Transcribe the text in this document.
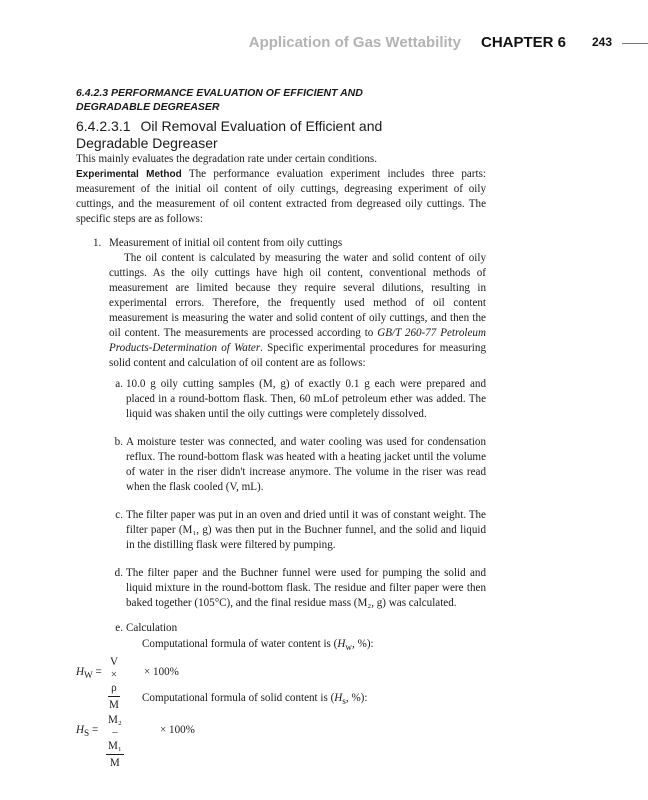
Application of Gas Wettability CHAPTER 6 243
6.4.2.3 PERFORMANCE EVALUATION OF EFFICIENT AND DEGRADABLE DEGREASER
6.4.2.3.1 Oil Removal Evaluation of Efficient and Degradable Degreaser
This mainly evaluates the degradation rate under certain conditions.
Experimental Method The performance evaluation experiment includes three parts: measurement of the initial oil content of oily cuttings, degreasing experiment of oily cuttings, and the measurement of oil content extracted from degreased oily cuttings. The specific steps are as follows:
1. Measurement of initial oil content from oily cuttings
The oil content is calculated by measuring the water and solid content of oily cuttings. As the oily cuttings have high oil content, conventional methods of measurement are limited because they require several dilutions, resulting in experimental errors. Therefore, the frequently used method of oil content measurement is measuring the water and solid content of oily cuttings, and then the oil content. The measurements are processed according to GB/T 260-77 Petroleum Products-Determination of Water. Specific experimental procedures for measuring solid content and calculation of oil content are as follows:
a. 10.0 g oily cutting samples (M, g) of exactly 0.1 g each were prepared and placed in a round-bottom flask. Then, 60 mLof petroleum ether was added. The liquid was shaken until the oily cuttings were completely dissolved.
b. A moisture tester was connected, and water cooling was used for condensation reflux. The round-bottom flask was heated with a heating jacket until the volume of water in the riser didn't increase anymore. The volume in the riser was read when the flask cooled (V, mL).
c. The filter paper was put in an oven and dried until it was of constant weight. The filter paper (M₁, g) was then put in the Buchner funnel, and the solid and liquid in the distilling flask were filtered by pumping.
d. The filter paper and the Buchner funnel were used for pumping the solid and liquid mixture in the round-bottom flask. The residue and filter paper were then baked together (105°C), and the final residue mass (M₂, g) was calculated.
e. Calculation
Computational formula of water content is ($H_w$, %):
$H_W = \frac{V \times \rho}{M} \times 100\%$
Computational formula of solid content is ($H_s$, %):
$H_S = \frac{\text{M₂ − M₁}}{M}$	× 100%
